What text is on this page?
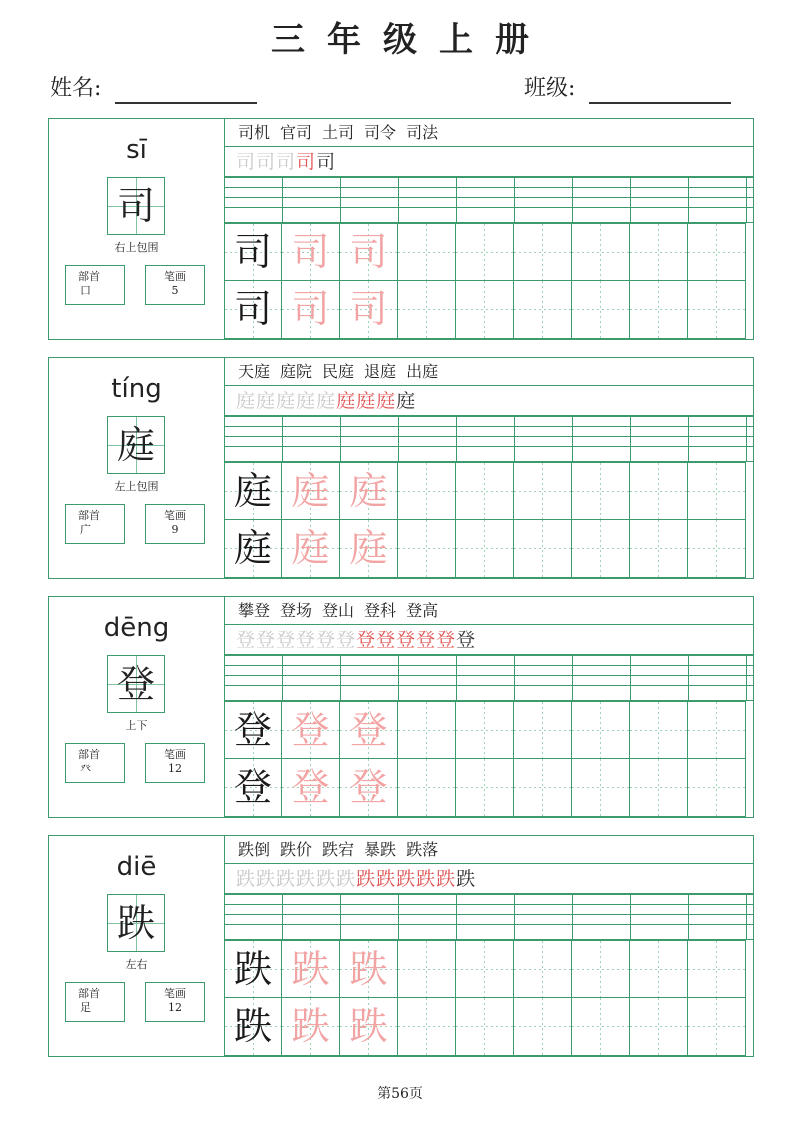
三年级上册
姓名:	班级:
sī
司
右上包围
部首
口
笔画
5
司机 官司 土司 司令 司法
司司司司司
司 司 司
司 司 司
tíng
庭
左上包围
部首
广
笔画
9
天庭 庭院 民庭 退庭 出庭
庭庭庭庭庭庭庭庭庭
庭 庭 庭
庭 庭 庭
dēng
登
上下
部首
癶
笔画
12
攀登 登场 登山 登科 登高
登登登登登登登登登登登登
登 登 登
登 登 登
diē
跌
左右
部首
足
笔画
12
跌倒 跌价 跌宕 暴跌 跌落
跌跌跌跌跌跌跌跌跌跌跌跌
跌 跌 跌
跌 跌 跌
第56页
